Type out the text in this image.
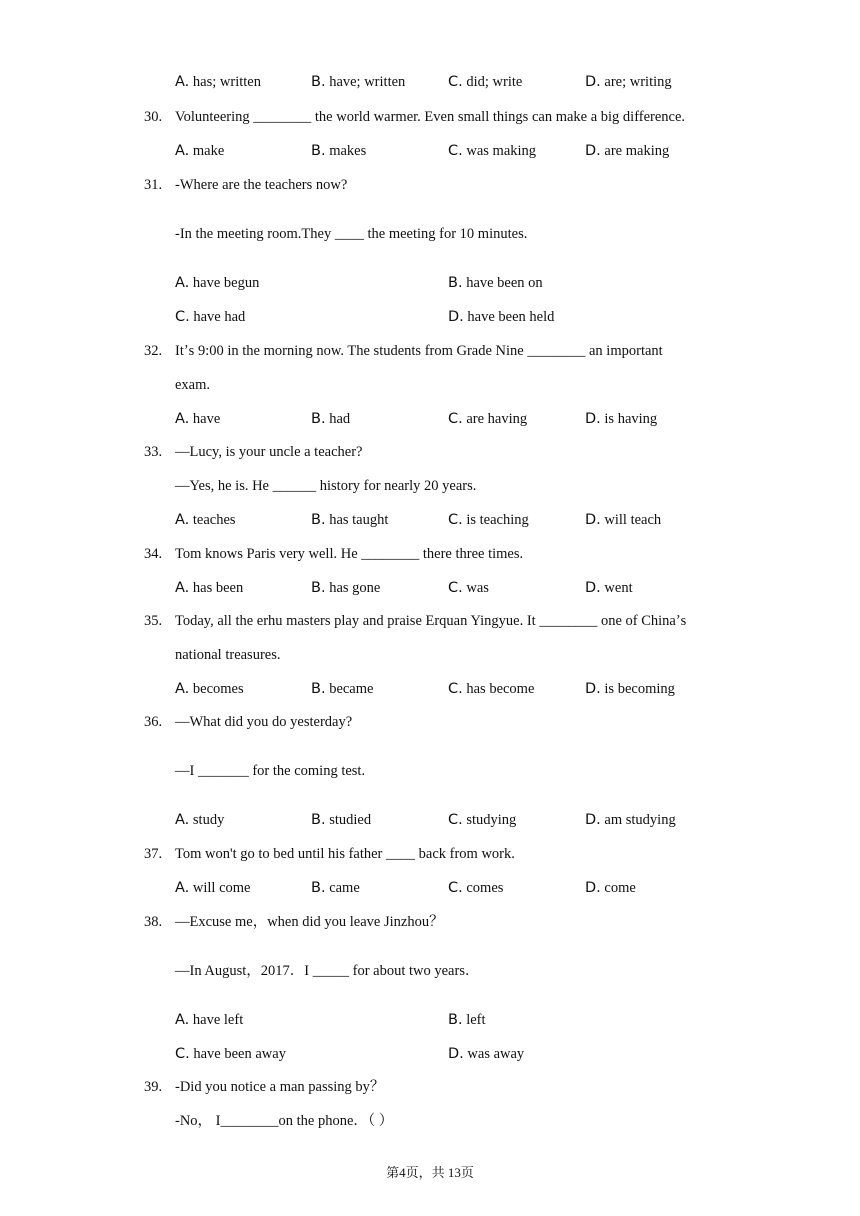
A. has; written	B. have; written	C. did; write	D. are; writing
30. Volunteering ________ the world warmer. Even small things can make a big difference.
A. make	B. makes	C. was making	D. are making
31. -Where are the teachers now?
-In the meeting room.They ____ the meeting for 10 minutes.
A. have begun	B. have been on
C. have had	D. have been held
32. Itʼs 9:00 in the morning now. The students from Grade Nine ________ an important
exam.
A. have	B. had	C. are having	D. is having
33. —Lucy, is your uncle a teacher?
—Yes, he is. He ______ history for nearly 20 years.
A. teaches	B. has taught	C. is teaching	D. will teach
34. Tom knows Paris very well. He ________ there three times.
A. has been	B. has gone	C. was	D. went
35. Today, all the erhu masters play and praise Erquan Yingyue. It ________ one of Chinaʼs
national treasures.
A. becomes	B. became	C. has become	D. is becoming
36. —What did you do yesterday?
—I _______ for the coming test.
A. study	B. studied	C. studying	D. am studying
37. Tom won't go to bed until his father ____ back from work.
A. will come	B. came	C. comes	D. come
38. —Excuse me，when did you leave Jinzhou？
—In August，2017．I _____ for about two years．
A. have left	B. left
C. have been away	D. was away
39. -Did you notice a man passing by？
-No， I________on the phone．（ ）
第4页，共 13页
